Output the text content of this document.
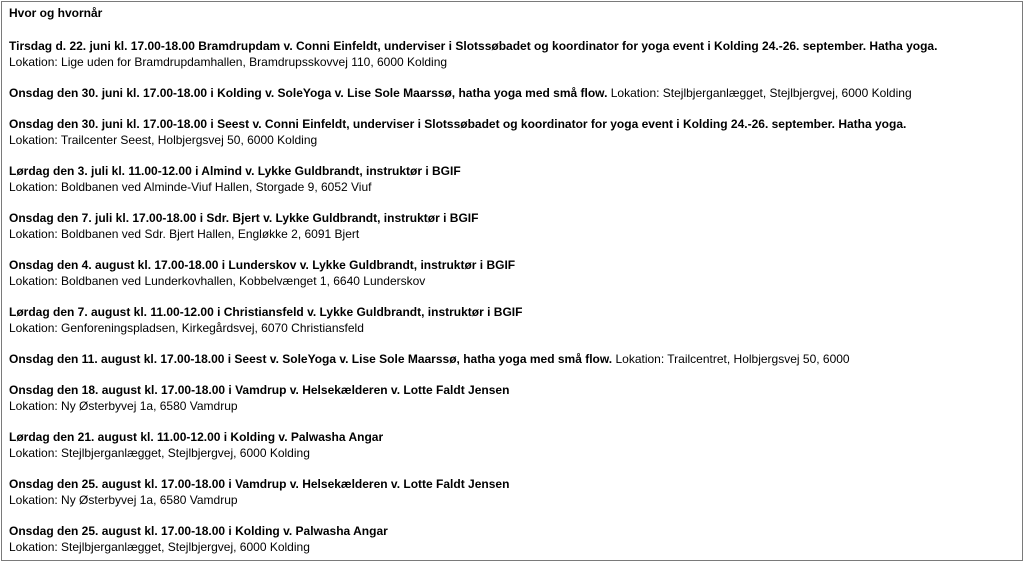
Hvor og hvornår
Tirsdag d. 22. juni kl. 17.00-18.00 Bramdrupdam v. Conni Einfeldt, underviser i Slotssøbadet og koordinator for yoga event i Kolding 24.-26. september. Hatha yoga.
Lokation: Lige uden for Bramdrupdamhallen, Bramdrupsskovvej 110, 6000 Kolding
Onsdag den 30. juni kl. 17.00-18.00 i Kolding v. SoleYoga v. Lise Sole Maarssø, hatha yoga med små flow. Lokation: Stejlbjerganlægget, Stejlbjergvej, 6000 Kolding
Onsdag den 30. juni kl. 17.00-18.00 i Seest v. Conni Einfeldt, underviser i Slotssøbadet og koordinator for yoga event i Kolding 24.-26. september. Hatha yoga.
Lokation: Trailcenter Seest, Holbjergsvej 50, 6000 Kolding
Lørdag den 3. juli kl. 11.00-12.00 i Almind v. Lykke Guldbrandt, instruktør i BGIF
Lokation: Boldbanen ved Alminde-Viuf Hallen, Storgade 9, 6052 Viuf
Onsdag den 7. juli kl. 17.00-18.00 i Sdr. Bjert v. Lykke Guldbrandt, instruktør i BGIF
Lokation: Boldbanen ved Sdr. Bjert Hallen, Engløkke 2, 6091 Bjert
Onsdag den 4. august kl. 17.00-18.00 i Lunderskov v. Lykke Guldbrandt, instruktør i BGIF
Lokation: Boldbanen ved Lunderkovhallen, Kobbelvænget 1, 6640 Lunderskov
Lørdag den 7. august kl. 11.00-12.00 i Christiansfeld v. Lykke Guldbrandt, instruktør i BGIF
Lokation: Genforeningspladsen, Kirkegårdsvej, 6070 Christiansfeld
Onsdag den 11. august kl. 17.00-18.00 i Seest v. SoleYoga v. Lise Sole Maarssø, hatha yoga med små flow. Lokation: Trailcentret, Holbjergsvej 50, 6000
Onsdag den 18. august kl. 17.00-18.00 i Vamdrup v. Helsekælderen v. Lotte Faldt Jensen
Lokation: Ny Østerbyvej 1a, 6580 Vamdrup
Lørdag den 21. august kl. 11.00-12.00 i Kolding v. Palwasha Angar
Lokation: Stejlbjerganlægget, Stejlbjergvej, 6000 Kolding
Onsdag den 25. august kl. 17.00-18.00 i Vamdrup v. Helsekælderen v. Lotte Faldt Jensen
Lokation: Ny Østerbyvej 1a, 6580 Vamdrup
Onsdag den 25. august kl. 17.00-18.00 i Kolding v. Palwasha Angar
Lokation: Stejlbjerganlægget, Stejlbjergvej, 6000 Kolding
